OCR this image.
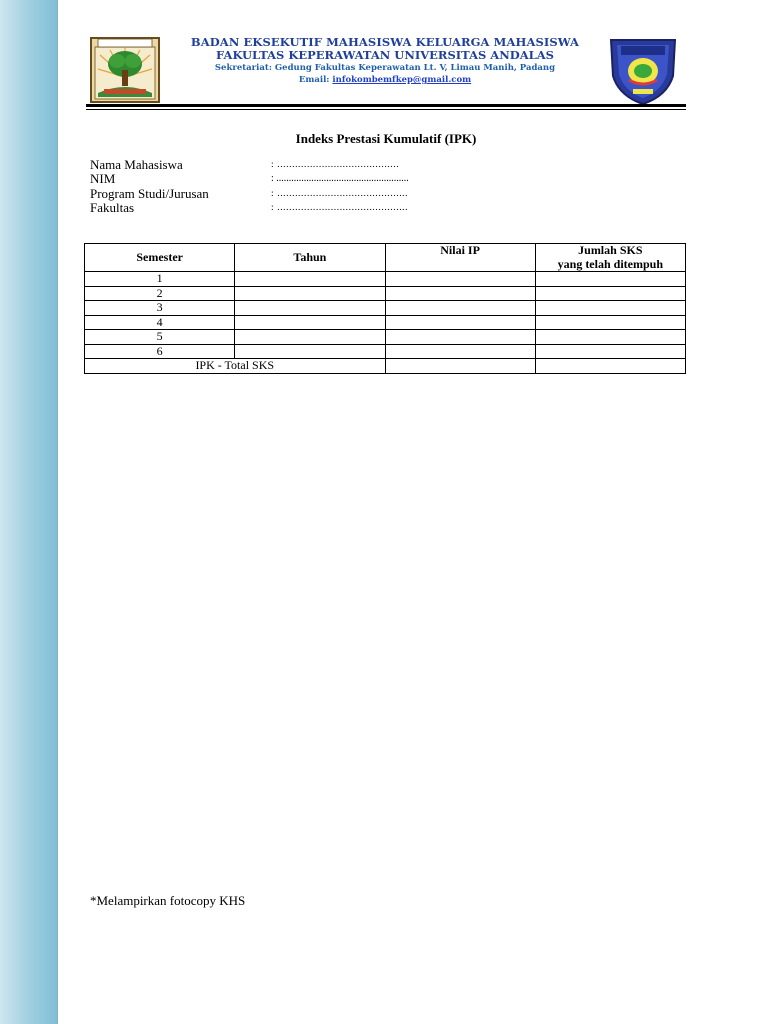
BADAN EKSEKUTIF MAHASISWA KELUARGA MAHASISWA
FAKULTAS KEPERAWATAN UNIVERSITAS ANDALAS
Sekretariat: Gedung Fakultas Keperawatan Lt. V, Limau Manih, Padang
Email: infokombemfkep@gmail.com
Indeks Prestasi Kumulatif (IPK)
Nama Mahasiswa	: .........................................
NIM	: .....................................................
Program Studi/Jurusan	: ............................................
Fakultas	: ............................................
Semester	Tahun	Nilai IP	Jumlah SKS
yang telah ditempuh

1			
2			
3			
4			
5			
6			
IPK - Total SKS			
*Melampirkan fotocopy KHS
